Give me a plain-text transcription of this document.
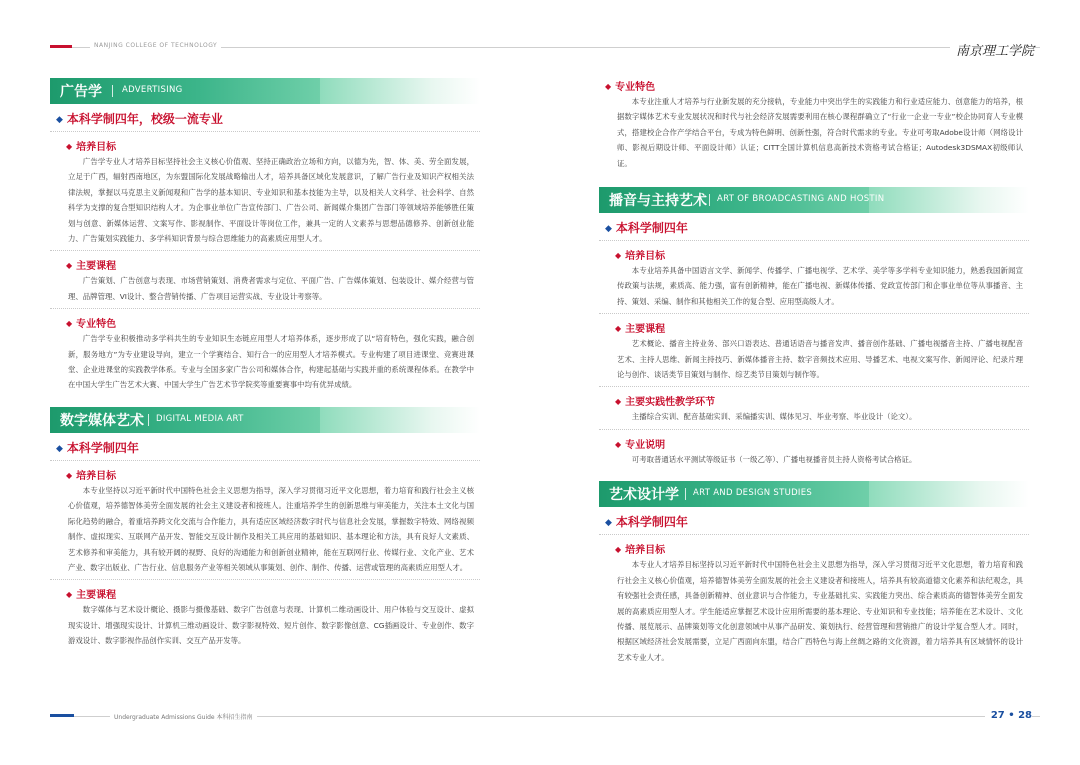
NANJING COLLEGE OF TECHNOLOGY	南京理工学院
广告学 ADVERTISING
◆ 本科学制四年，校级一流专业
◆ 培养目标

广告学专业人才培养目标坚持社会主义核心价值观、坚持正确政治立场和方向，以德为先，智、体、美、劳全面发展，立足于广西，辐射西南地区，为东盟国际化发展战略输出人才，培养具备区域化发展意识，了解广告行业及知识产权相关法律法规，掌握以马克思主义新闻观和广告学的基本知识、专业知识和基本技能为主导，以及相关人文科学、社会科学、自然科学为支撑的复合型知识结构人才。为企事业单位广告宣传部门、广告公司、新闻媒介集团广告部门等领域培养能够胜任策划与创意、新媒体运营、文案写作、影视制作、平面设计等岗位工作，兼具一定的人文素养与思想品德修养、创新创业能力、广告策划实践能力、多学科知识背景与综合思维能力的高素质应用型人才。

◆ 主要课程

广告策划、广告创意与表现、市场营销策划、消费者需求与定位、平面广告、广告媒体策划、包装设计、媒介经营与管理、品牌管理、VI设计、整合营销传播、广告项目运营实战、专业设计考察等。

◆ 专业特色

广告学专业积极推动多学科共生的专业知识生态链应用型人才培养体系，逐步形成了以“培育特色，强化实践，融合创新，服务地方”为专业建设导向，建立一个学赛结合、知行合一的应用型人才培养模式。专业构建了项目进课堂、竞赛进课堂、企业进课堂的实践教学体系。专业与全国多家广告公司和媒体合作，构建起基础与实践并重的系统课程体系。在教学中在中国大学生广告艺术大赛、中国大学生广告艺术节学院奖等重要赛事中均有优异成绩。

数字媒体艺术 DIGITAL MEDIA ART
◆ 本科学制四年
◆ 培养目标

本专业坚持以习近平新时代中国特色社会主义思想为指导，深入学习贯彻习近平文化思想，着力培育和践行社会主义核心价值观，培养德智体美劳全面发展的社会主义建设者和接班人。注重培养学生的创新思维与审美能力，关注本土文化与国际化趋势的融合，着重培养跨文化交流与合作能力，具有适应区域经济数字时代与信息社会发展，掌握数字特效、网络视频制作、虚拟现实、互联网产品开发、智能交互设计制作及相关工具应用的基础知识、基本理论和方法，具有良好人文素质、艺术修养和审美能力，具有较开阔的视野、良好的沟通能力和创新创业精神，能在互联网行业、传媒行业、文化产业、艺术产业、数字出版业、广告行业、信息服务产业等相关领域从事策划、创作、制作、传播、运营或管理的高素质应用型人才。

◆ 主要课程

数字媒体与艺术设计概论、摄影与摄像基础、数字广告创意与表现、计算机二维动画设计、用户体验与交互设计、虚拟现实设计、增强现实设计、计算机三维动画设计、数字影视特效、短片创作、数字影像创意、CG插画设计、专业创作、数字游戏设计、数字影视作品创作实训、交互产品开发等。

◆ 专业特色

本专业注重人才培养与行业新发展的充分接轨，专业能力中突出学生的实践能力和行业适应能力、创意能力的培养，根据数字媒体艺术专业发展状况和时代与社会经济发展需要利用在核心课程群确立了“行业一企业一专业”校企协同育人专业模式，搭建校企合作产学结合平台，专成为特色鲜明、创新性强，符合时代需求的专业。专业可考取Adobe设计师（网络设计师、影视后期设计师、平面设计师）认证；CITT全国计算机信息高新技术资格考试合格证；Autodesk3DSMAX初级师认证。

播音与主持艺术 ART OF BROADCASTING AND HOSTIN
◆ 本科学制四年
◆ 培养目标

本专业培养具备中国语言文学、新闻学、传播学、广播电视学、艺术学、美学等多学科专业知识能力，熟悉我国新闻宣传政策与法规，素质高、能力强，富有创新精神，能在广播电视、新媒体传播、党政宣传部门和企事业单位等从事播音、主持、策划、采编、制作和其他相关工作的复合型、应用型高级人才。

◆ 主要课程

艺术概论、播音主持业务、部兴口语表达、普通话语音与播音发声、播音创作基础、广播电视播音主持、广播电视配音艺术、主持人思维、新闻主持技巧、新媒体播音主持、数字音频技术应用、导播艺术、电视文案写作、新闻评论、纪录片理论与创作、谈话类节目策划与制作、综艺类节目策划与制作等。

◆ 主要实践性教学环节

主播综合实训、配音基础实训、采编播实训、媒体见习、毕业考察、毕业设计（论文）。

◆ 专业说明

可考取普通话水平测试等级证书（一级乙等）、广播电视播音员主持人资格考试合格证。

艺术设计学 ART AND DESIGN STUDIES
◆ 本科学制四年
◆ 培养目标

本专业人才培养目标坚持以习近平新时代中国特色社会主义思想为指导，深入学习贯彻习近平文化思想，着力培育和践行社会主义核心价值观，培养德智体美劳全面发展的社会主义建设者和接班人，培养具有较高道德文化素养和法纪观念，具有较强社会责任感，具备创新精神、创业意识与合作能力，专业基础扎实、实践能力突出、综合素质高的德智体美劳全面发展的高素质应用型人才。学生能适应掌握艺术设计应用所需要的基本理论、专业知识和专业技能；培养能在艺术设计、文化传播、展览展示、品牌策划等文化创意领域中从事产品研发、策划执行、经营管理和营销推广的设计学复合型人才。同时，根据区域经济社会发展需要，立足广西面向东盟，结合广西特色与海上丝绸之路的文化资源，着力培养具有区域情怀的设计艺术专业人才。

Undergraduate Admissions Guide 本科招生指南	27 • 28
